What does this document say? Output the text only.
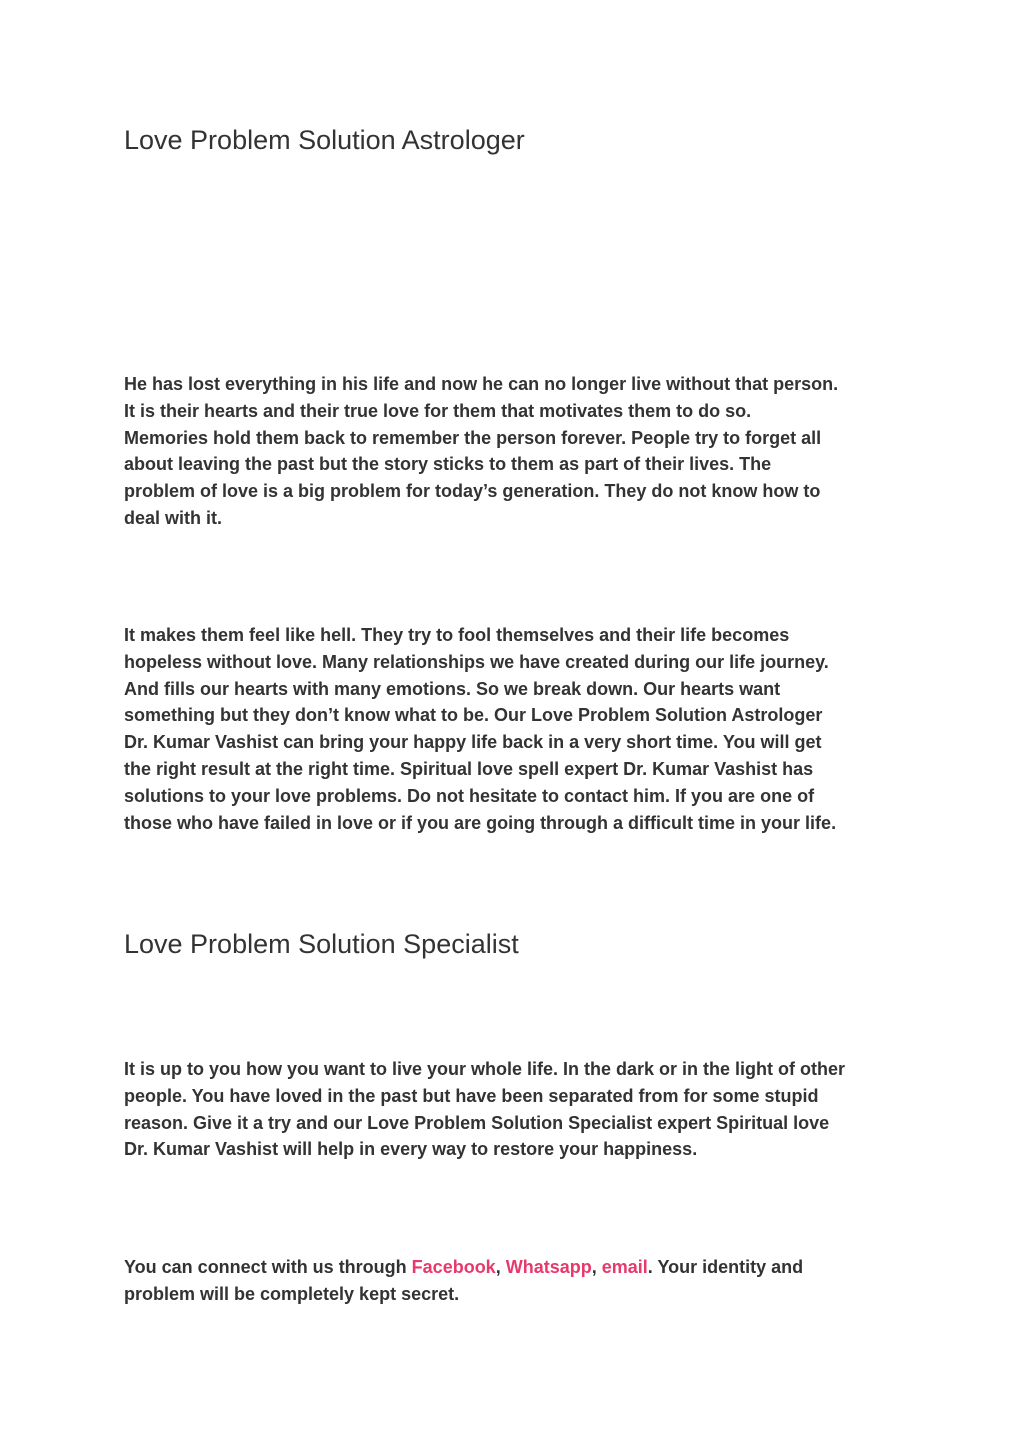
Love Problem Solution Astrologer

He has lost everything in his life and now he can no longer live without that person.
It is their hearts and their true love for them that motivates them to do so.
Memories hold them back to remember the person forever. People try to forget all
about leaving the past but the story sticks to them as part of their lives. The
problem of love is a big problem for today’s generation. They do not know how to
deal with it.

It makes them feel like hell. They try to fool themselves and their life becomes
hopeless without love. Many relationships we have created during our life journey.
And fills our hearts with many emotions. So we break down. Our hearts want
something but they don’t know what to be. Our Love Problem Solution Astrologer
Dr. Kumar Vashist can bring your happy life back in a very short time. You will get
the right result at the right time. Spiritual love spell expert Dr. Kumar Vashist has
solutions to your love problems. Do not hesitate to contact him. If you are one of
those who have failed in love or if you are going through a difficult time in your life.

Love Problem Solution Specialist

It is up to you how you want to live your whole life. In the dark or in the light of other
people. You have loved in the past but have been separated from for some stupid
reason. Give it a try and our Love Problem Solution Specialist expert Spiritual love
Dr. Kumar Vashist will help in every way to restore your happiness.

You can connect with us through Facebook, Whatsapp, email. Your identity and
problem will be completely kept secret.
